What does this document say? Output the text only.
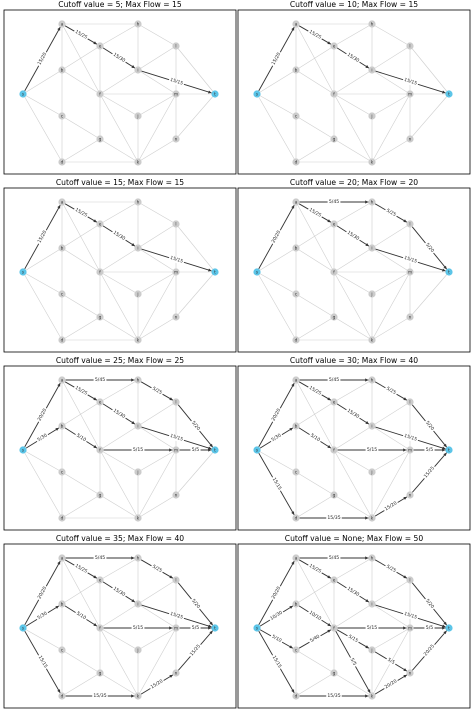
Cutoff value = 5; Max Flow = 15
15/20
15/25
15/30
15/15
s
a
b
c
d
e
f
g
h
i
j
k
l
m
n
t
Cutoff value = 10; Max Flow = 15
15/20
15/25
15/30
15/15
s
a
b
c
d
e
f
g
h
i
j
k
l
m
n
t
Cutoff value = 15; Max Flow = 15
15/20
15/25
15/30
15/15
s
a
b
c
d
e
f
g
h
i
j
k
l
m
n
t
Cutoff value = 20; Max Flow = 20
20/20
5/45
15/25
15/30
5/25
5/20
15/15
s
a
b
c
d
e
f
g
h
i
j
k
l
m
n
t
Cutoff value = 25; Max Flow = 25
20/20
5/30
5/45
15/25
5/10
15/30
5/15
5/25
5/20
15/15
5/5
s
a
b
c
d
e
f
g
h
i
j
k
l
m
n
t
Cutoff value = 30; Max Flow = 40
20/20
5/30
15/15
5/45
15/25
5/10
15/30
5/15
5/25
5/20
15/15
5/5
15/35
15/20
15/25
s
a
b
c
d
e
f
g
h
i
j
k
l
m
n
t
Cutoff value = 35; Max Flow = 40
20/20
5/30
15/15
5/45
15/25
5/10
15/30
5/15
5/25
5/20
15/25
5/5
15/35
15/20
15/25
s
a
b
c
d
e
f
g
h
i
j
k
l
m
n
t
Cutoff value = None; Max Flow = 50
20/20
10/30
5/10
15/15
5/40
5/45
15/25
10/10
15/30
5/15
5/15
5/5	5/5
5/25
5/20
15/15
5/5
15/35
20/20
20/25
s
a
b
c
d
e
f
g
h
i
j
k
l
m
n
t
